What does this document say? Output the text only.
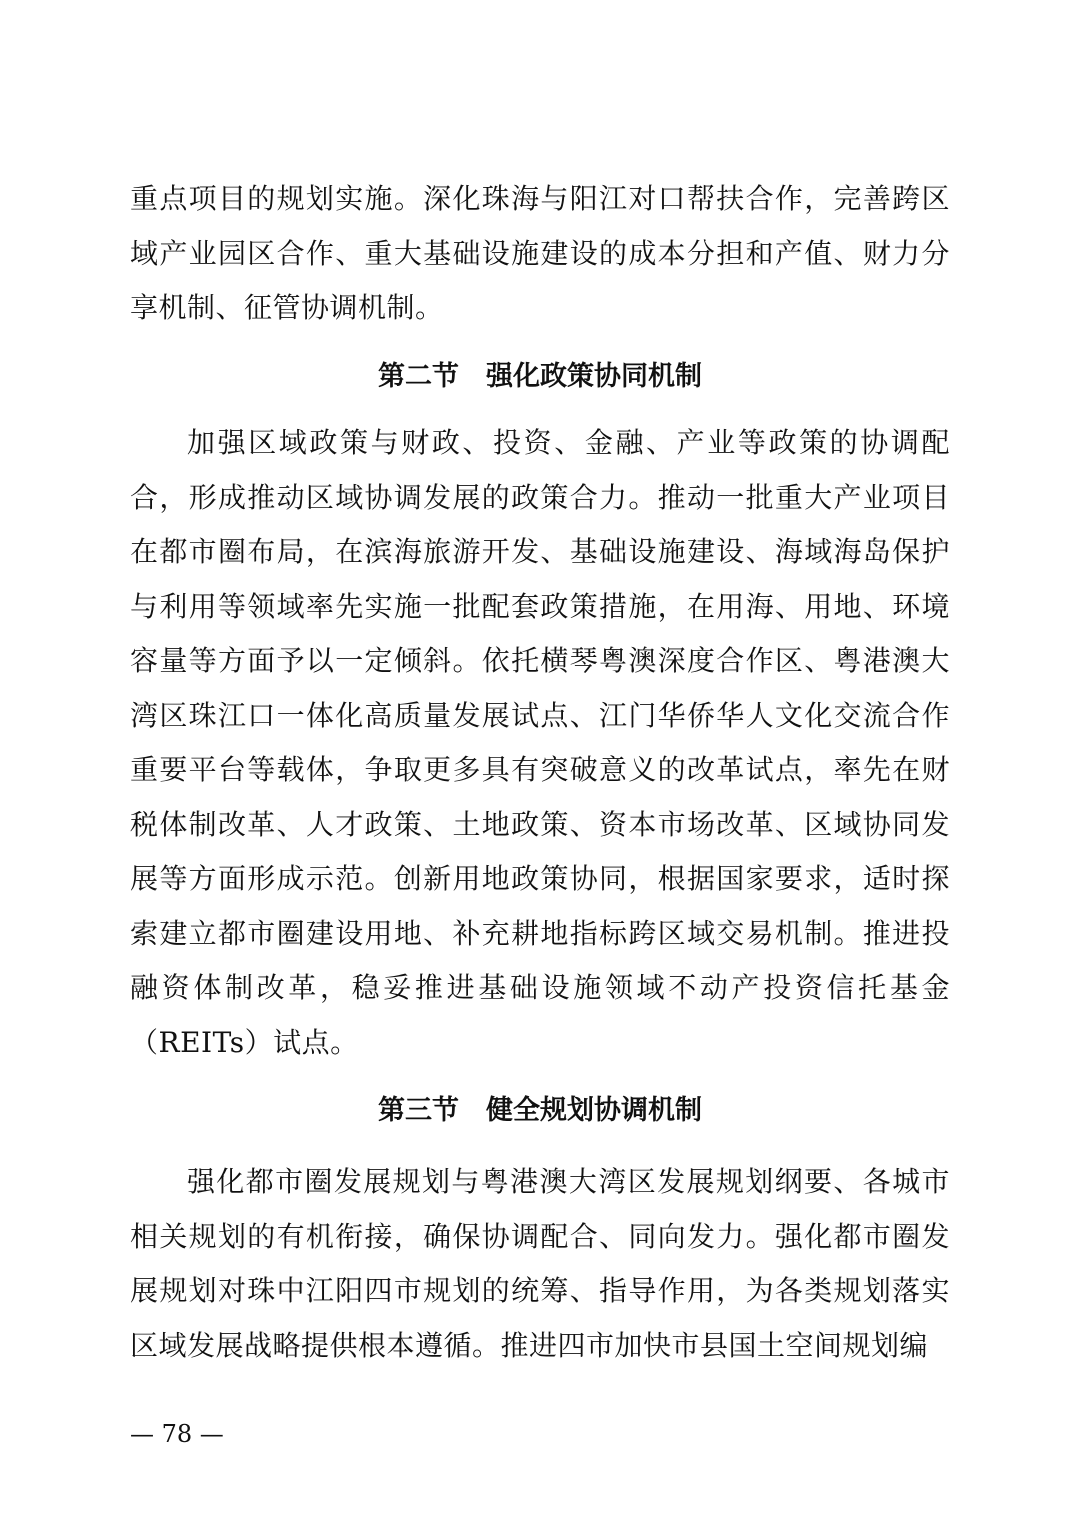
重点项目的规划实施。深化珠海与阳江对口帮扶合作，完善跨区域产业园区合作、重大基础设施建设的成本分担和产值、财力分享机制、征管协调机制。

第二节　强化政策协同机制

加强区域政策与财政、投资、金融、产业等政策的协调配合，形成推动区域协调发展的政策合力。推动一批重大产业项目在都市圈布局，在滨海旅游开发、基础设施建设、海域海岛保护与利用等领域率先实施一批配套政策措施，在用海、用地、环境容量等方面予以一定倾斜。依托横琴粤澳深度合作区、粤港澳大湾区珠江口一体化高质量发展试点、江门华侨华人文化交流合作重要平台等载体，争取更多具有突破意义的改革试点，率先在财税体制改革、人才政策、土地政策、资本市场改革、区域协同发展等方面形成示范。创新用地政策协同，根据国家要求，适时探索建立都市圈建设用地、补充耕地指标跨区域交易机制。推进投融资体制改革，稳妥推进基础设施领域不动产投资信托基金（REITs）试点。

第三节　健全规划协调机制

强化都市圈发展规划与粤港澳大湾区发展规划纲要、各城市相关规划的有机衔接，确保协调配合、同向发力。强化都市圈发展规划对珠中江阳四市规划的统筹、指导作用，为各类规划落实区域发展战略提供根本遵循。推进四市加快市县国土空间规划编

— 78 —
